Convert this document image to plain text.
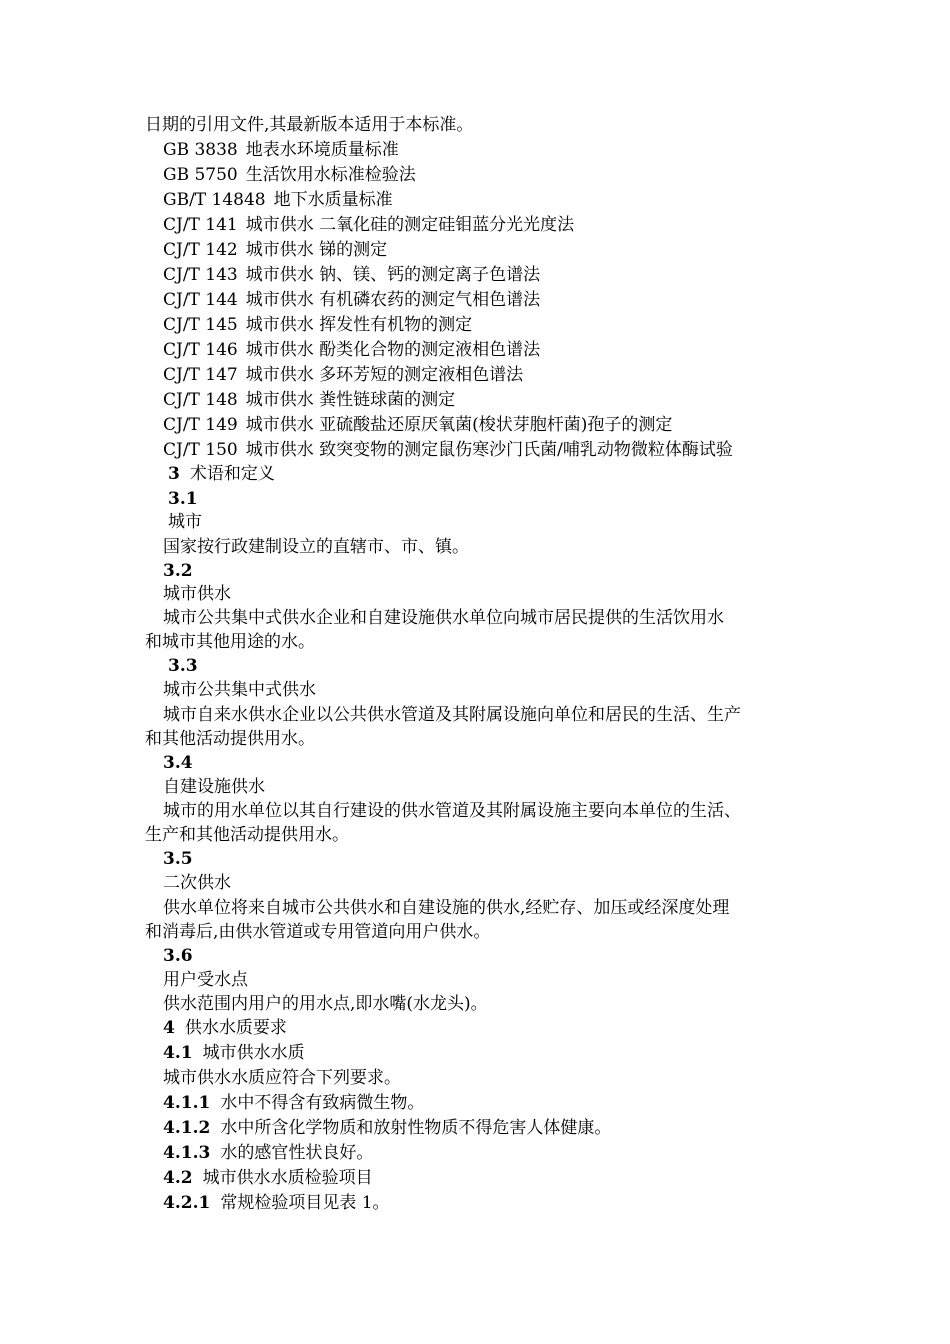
日期的引用文件,其最新版本适用于本标准。
GB 3838 地表水环境质量标准
GB 5750 生活饮用水标准检验法
GB/T 14848 地下水质量标准
CJ/T 141 城市供水 二氧化硅的测定硅钼蓝分光光度法
CJ/T 142 城市供水 锑的测定
CJ/T 143 城市供水 钠、镁、钙的测定离子色谱法
CJ/T 144 城市供水 有机磷农药的测定气相色谱法
CJ/T 145 城市供水 挥发性有机物的测定
CJ/T 146 城市供水 酚类化合物的测定液相色谱法
CJ/T 147 城市供水 多环芳短的测定液相色谱法
CJ/T 148 城市供水 粪性链球菌的测定
CJ/T 149 城市供水 亚硫酸盐还原厌氧菌(梭状芽胞杆菌)孢子的测定
CJ/T 150 城市供水 致突变物的测定鼠伤寒沙门氏菌/哺乳动物微粒体酶试验
3 术语和定义
3.1
城市
国家按行政建制设立的直辖市、市、镇。
3.2
城市供水
城市公共集中式供水企业和自建设施供水单位向城市居民提供的生活饮用水
和城市其他用途的水。
3.3
城市公共集中式供水
城市自来水供水企业以公共供水管道及其附属设施向单位和居民的生活、生产
和其他活动提供用水。
3.4
自建设施供水
城市的用水单位以其自行建设的供水管道及其附属设施主要向本单位的生活、
生产和其他活动提供用水。
3.5
二次供水
供水单位将来自城市公共供水和自建设施的供水,经贮存、加压或经深度处理
和消毒后,由供水管道或专用管道向用户供水。
3.6
用户受水点
供水范围内用户的用水点,即水嘴(水龙头)。
4 供水水质要求
4.1 城市供水水质
城市供水水质应符合下列要求。
4.1.1 水中不得含有致病微生物。
4.1.2 水中所含化学物质和放射性物质不得危害人体健康。
4.1.3 水的感官性状良好。
4.2 城市供水水质检验项目
4.2.1 常规检验项目见表 1。
